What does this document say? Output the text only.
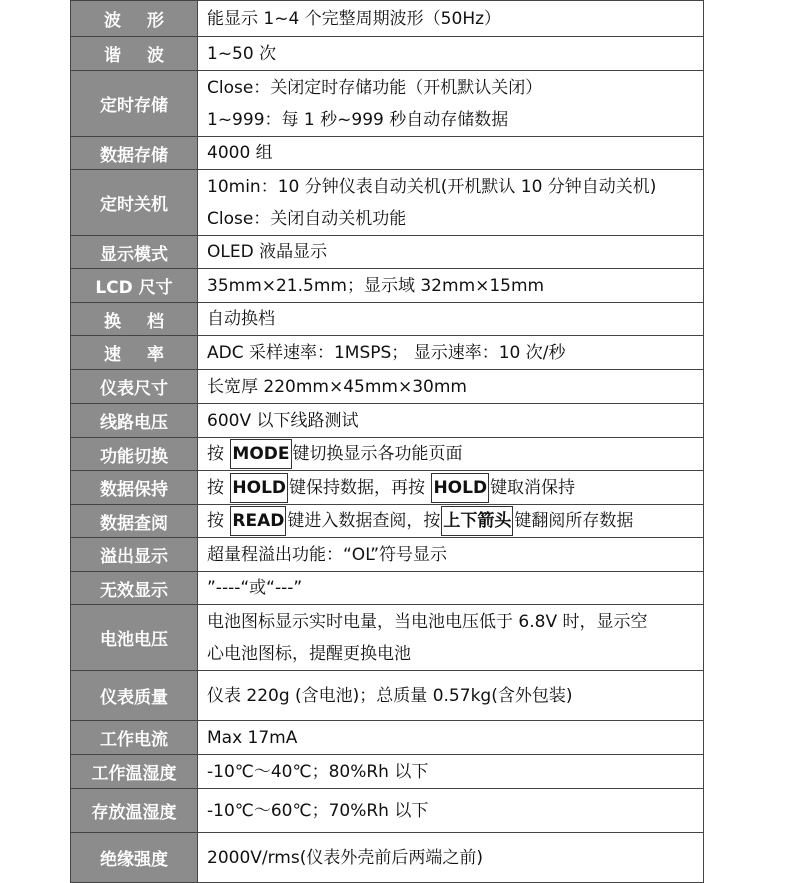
波形	能显示 1~4 个完整周期波形（50Hz）

谐波	1~50 次

定时存储	Close：关闭定时存储功能（开机默认关闭）
1~999：每 1 秒~999 秒自动存储数据

数据存储	4000 组

定时关机	10min：10 分钟仪表自动关机(开机默认 10 分钟自动关机)
Close：关闭自动关机功能

显示模式	OLED 液晶显示

LCD 尺寸	35mm×21.5mm；显示域 32mm×15mm

换档	自动换档

速率	ADC 采样速率：1MSPS； 显示速率：10 次/秒

仪表尺寸	长宽厚 220mm×45mm×30mm

线路电压	600V 以下线路测试

功能切换	按 MODE 键切换显示各功能页面

数据保持	按 HOLD 键保持数据，再按 HOLD 键取消保持

数据查阅	按 READ 键进入数据查阅，按 上下箭头 键翻阅所存数据

溢出显示	超量程溢出功能：“OL”符号显示

无效显示	”----“或“---”

电池电压	电池图标显示实时电量，当电池电压低于 6.8V 时，显示空
心电池图标，提醒更换电池

仪表质量	仪表 220g (含电池)；总质量 0.57kg(含外包装)

工作电流	Max 17mA

工作温湿度	-10℃～40℃；80%Rh 以下

存放温湿度	-10℃～60℃；70%Rh 以下

绝缘强度	2000V/rms(仪表外壳前后两端之前)
